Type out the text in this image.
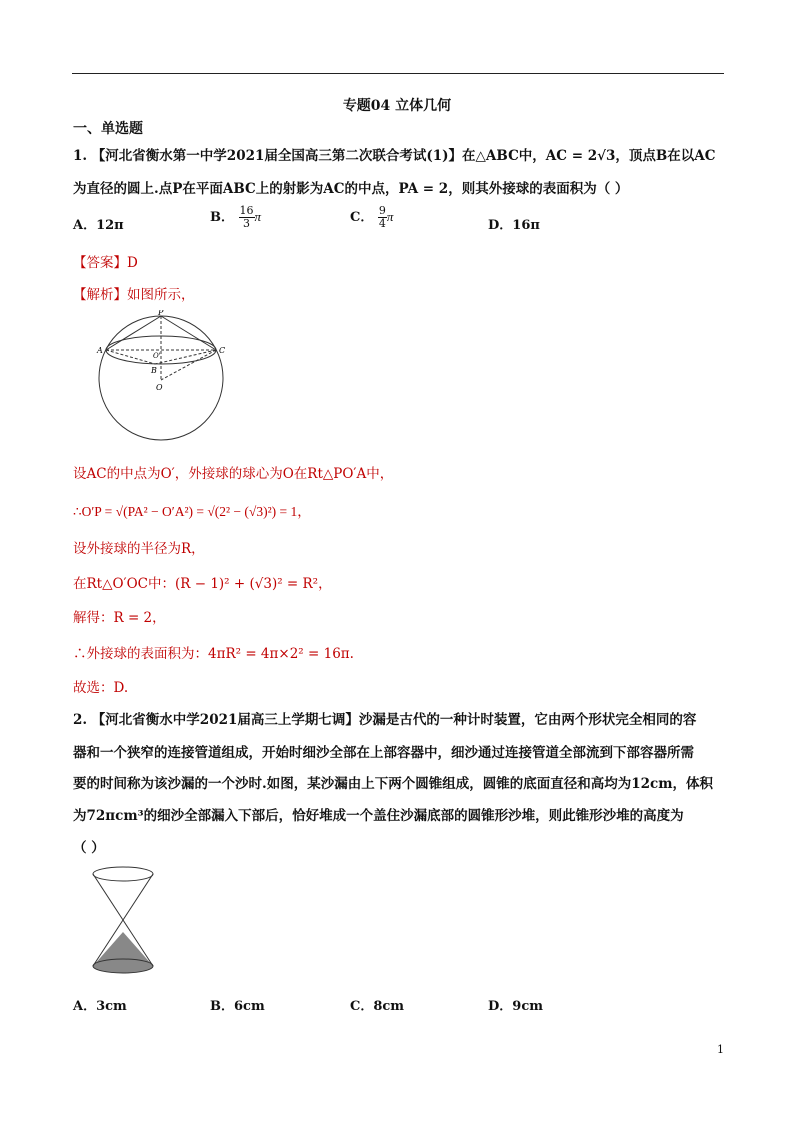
专题04 立体几何
一、单选题
1. 【河北省衡水第一中学2021届全国高三第二次联合考试(1)】在△ABC中，AC = 2√3，顶点B在以AC
为直径的圆上.点P在平面ABC上的射影为AC的中点，PA = 2，则其外接球的表面积为（ ）
A．12π
B． $\frac{16}{3}$ π	C． $\frac{9}{4}$ π
D．16π
【答案】D
【解析】如图所示，
P
A	C
O'
B
O
设AC的中点为O′，外接球的球心为O在Rt△PO′A中，
∴O′P = √(PA² − O′A²) = √(2² − (√3)²) = 1，
设外接球的半径为R，
在Rt△O′OC中：(R − 1)² + (√3)² = R²，
解得：R = 2，
∴外接球的表面积为：4πR² = 4π×2² = 16π.
故选：D.
2. 【河北省衡水中学2021届高三上学期七调】沙漏是古代的一种计时装置，它由两个形状完全相同的容
器和一个狭窄的连接管道组成，开始时细沙全部在上部容器中，细沙通过连接管道全部流到下部容器所需
要的时间称为该沙漏的一个沙时.如图，某沙漏由上下两个圆锥组成，圆锥的底面直径和高均为12cm，体积
为72πcm³的细沙全部漏入下部后，恰好堆成一个盖住沙漏底部的圆锥形沙堆，则此锥形沙堆的高度为
（ ）
A．3cm	B．6cm	C．8cm	D．9cm
1
